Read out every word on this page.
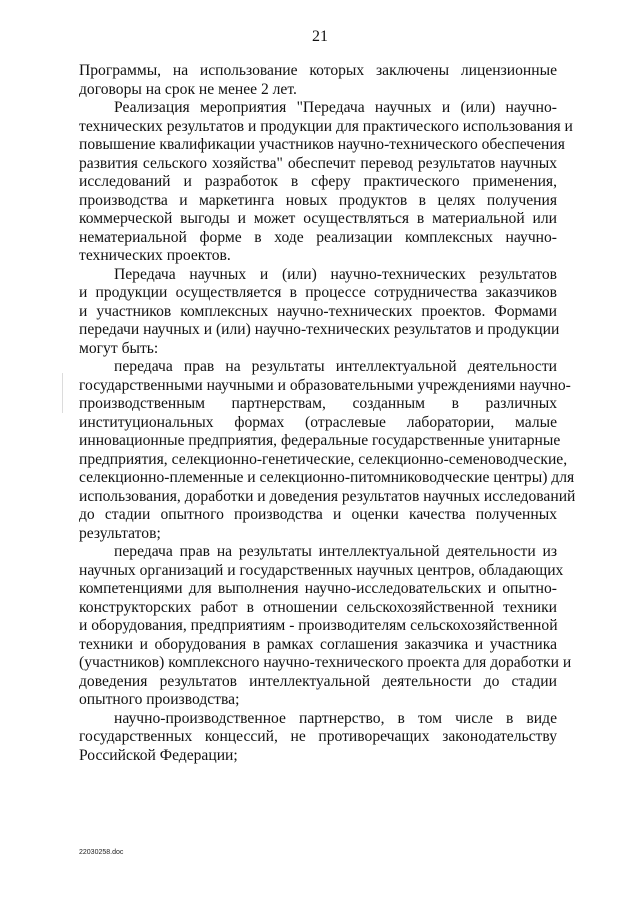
21
Программы, на использование которых заключены лицензионные
договоры на срок не менее 2 лет.
Реализация мероприятия "Передача научных и (или) научно-
технических результатов и продукции для практического использования и
повышение квалификации участников научно-технического обеспечения
развития сельского хозяйства" обеспечит перевод результатов научных
исследований и разработок в сферу практического применения,
производства и маркетинга новых продуктов в целях получения
коммерческой выгоды и может осуществляться в материальной или
нематериальной форме в ходе реализации комплексных научно-
технических проектов.
Передача научных и (или) научно-технических результатов
и продукции осуществляется в процессе сотрудничества заказчиков
и участников комплексных научно-технических проектов. Формами
передачи научных и (или) научно-технических результатов и продукции
могут быть:
передача прав на результаты интеллектуальной деятельности
государственными научными и образовательными учреждениями научно-
производственным партнерствам, созданным в различных
институциональных формах (отраслевые лаборатории, малые
инновационные предприятия, федеральные государственные унитарные
предприятия, селекционно-генетические, селекционно-семеноводческие,
селекционно-племенные и селекционно-питомниководческие центры) для
использования, доработки и доведения результатов научных исследований
до стадии опытного производства и оценки качества полученных
результатов;
передача прав на результаты интеллектуальной деятельности из
научных организаций и государственных научных центров, обладающих
компетенциями для выполнения научно-исследовательских и опытно-
конструкторских работ в отношении сельскохозяйственной техники
и оборудования, предприятиям - производителям сельскохозяйственной
техники и оборудования в рамках соглашения заказчика и участника
(участников) комплексного научно-технического проекта для доработки и
доведения результатов интеллектуальной деятельности до стадии
опытного производства;
научно-производственное партнерство, в том числе в виде
государственных концессий, не противоречащих законодательству
Российской Федерации;
22030258.doc
